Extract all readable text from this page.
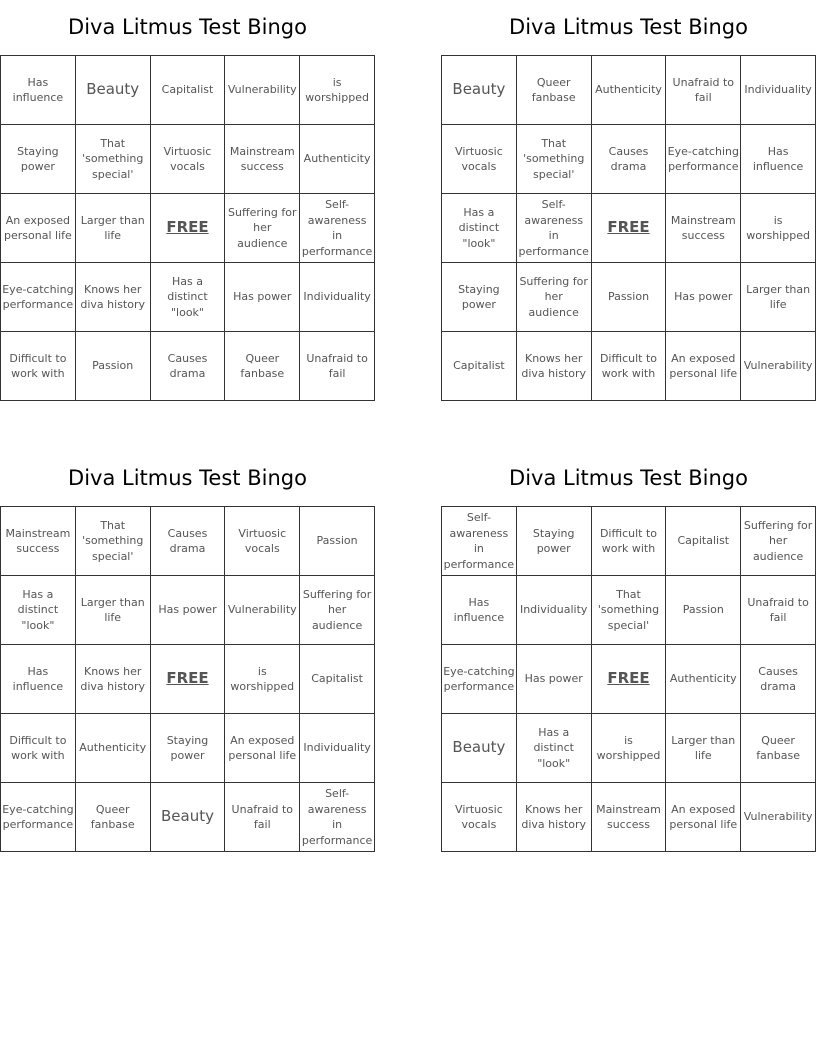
Diva Litmus Test Bingo
Has influence	Beauty	Capitalist	Vulnerability	is worshipped
Staying power	That 'something special'	Virtuosic vocals	Mainstream success	Authenticity
An exposed personal life	Larger than life	FREE	Suffering for her audience	Self-awareness in performance
Eye-catching performance	Knows her diva history	Has a distinct "look"	Has power	Individuality
Difficult to work with	Passion	Causes drama	Queer fanbase	Unafraid to fail
Diva Litmus Test Bingo
Beauty	Queer fanbase	Authenticity	Unafraid to fail	Individuality
Virtuosic vocals	That 'something special'	Causes drama	Eye-catching performance	Has influence
Has a distinct "look"	Self-awareness in performance	FREE	Mainstream success	is worshipped
Staying power	Suffering for her audience	Passion	Has power	Larger than life
Capitalist	Knows her diva history	Difficult to work with	An exposed personal life	Vulnerability
Diva Litmus Test Bingo
Mainstream success	That 'something special'	Causes drama	Virtuosic vocals	Passion
Has a distinct "look"	Larger than life	Has power	Vulnerability	Suffering for her audience
Has influence	Knows her diva history	FREE	is worshipped	Capitalist
Difficult to work with	Authenticity	Staying power	An exposed personal life	Individuality
Eye-catching performance	Queer fanbase	Beauty	Unafraid to fail	Self-awareness in performance
Diva Litmus Test Bingo
Self-awareness in performance	Staying power	Difficult to work with	Capitalist	Suffering for her audience
Has influence	Individuality	That 'something special'	Passion	Unafraid to fail
Eye-catching performance	Has power	FREE	Authenticity	Causes drama
Beauty	Has a distinct "look"	is worshipped	Larger than life	Queer fanbase
Virtuosic vocals	Knows her diva history	Mainstream success	An exposed personal life	Vulnerability
